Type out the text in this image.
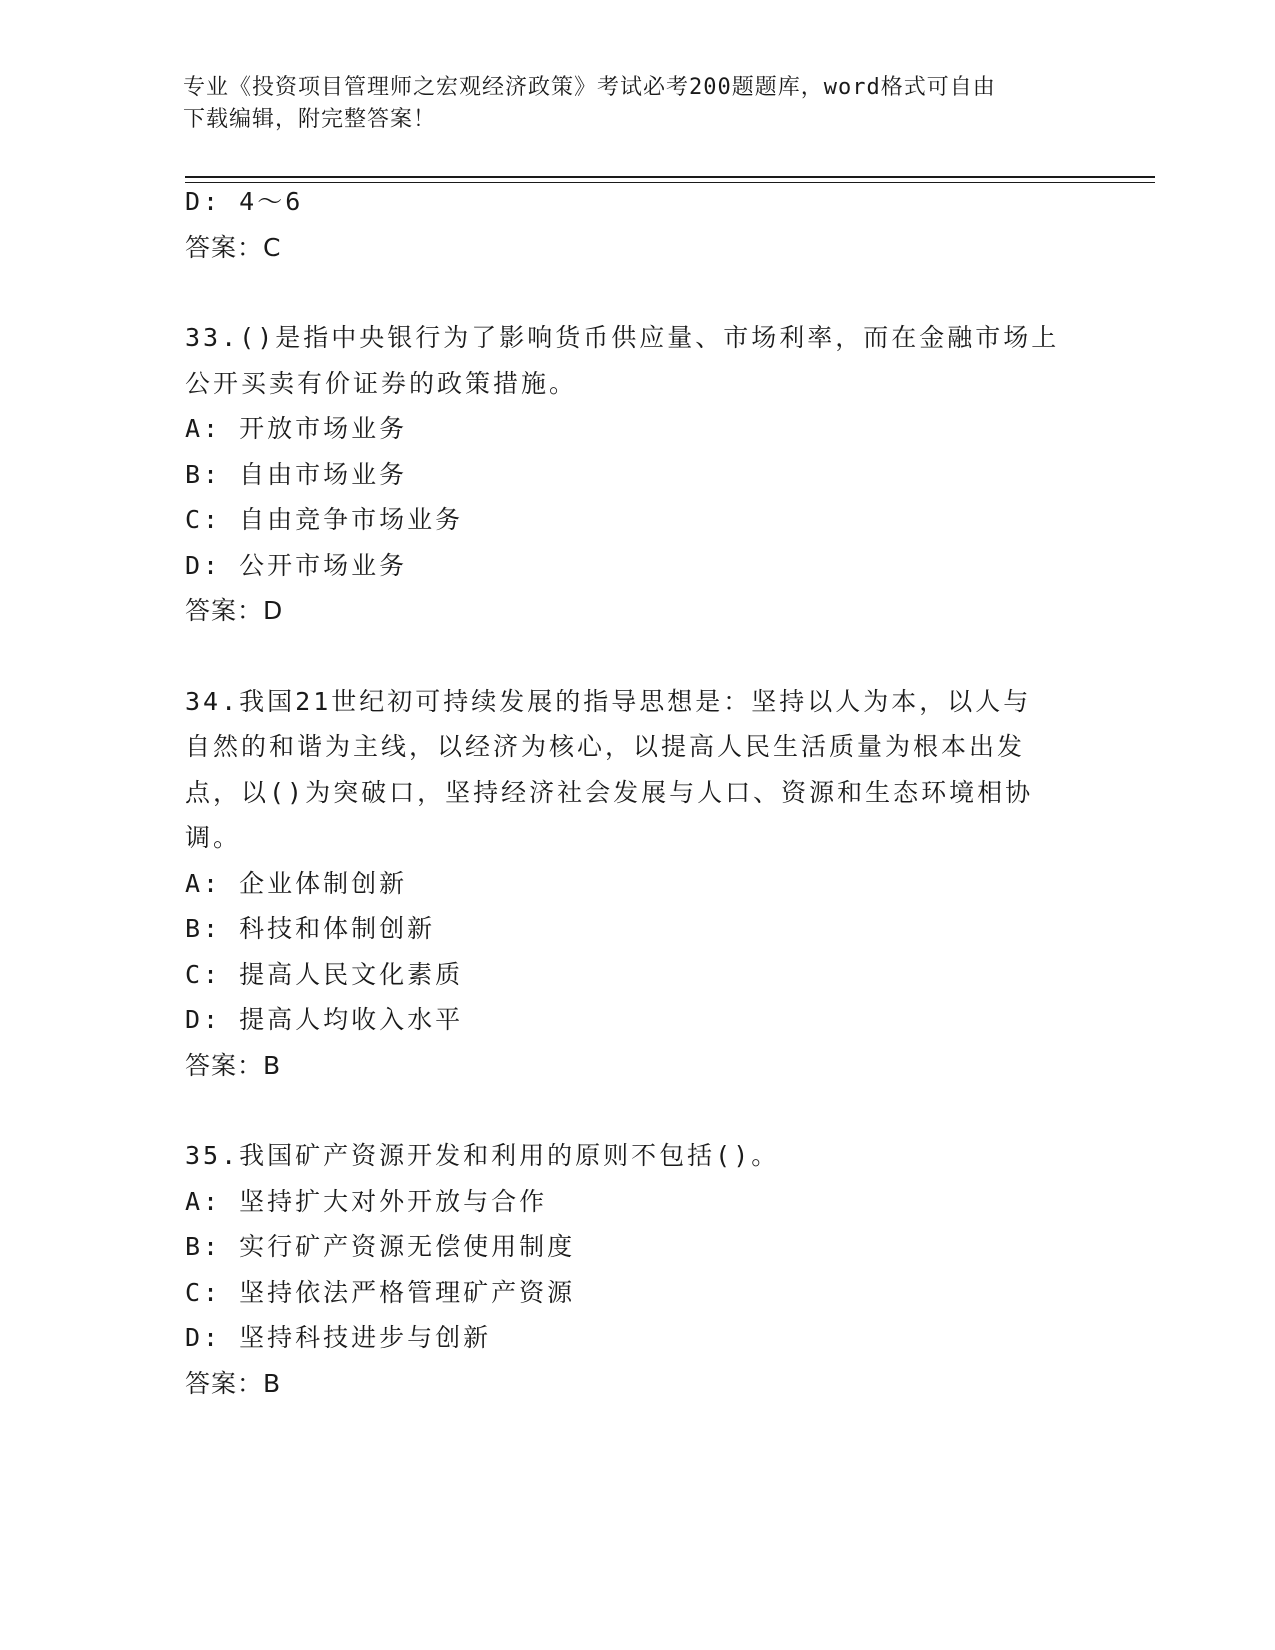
专业《投资项目管理师之宏观经济政策》考试必考200题题库，word格式可自由
下载编辑，附完整答案！
D: 4～6
答案：C
33.()是指中央银行为了影响货币供应量、市场利率，而在金融市场上
公开买卖有价证券的政策措施。
A: 开放市场业务
B: 自由市场业务
C: 自由竞争市场业务
D: 公开市场业务
答案：D
34.我国21世纪初可持续发展的指导思想是：坚持以人为本，以人与
自然的和谐为主线，以经济为核心，以提高人民生活质量为根本出发
点，以()为突破口，坚持经济社会发展与人口、资源和生态环境相协
调。
A: 企业体制创新
B: 科技和体制创新
C: 提高人民文化素质
D: 提高人均收入水平
答案：B
35.我国矿产资源开发和利用的原则不包括()。
A: 坚持扩大对外开放与合作
B: 实行矿产资源无偿使用制度
C: 坚持依法严格管理矿产资源
D: 坚持科技进步与创新
答案：B
